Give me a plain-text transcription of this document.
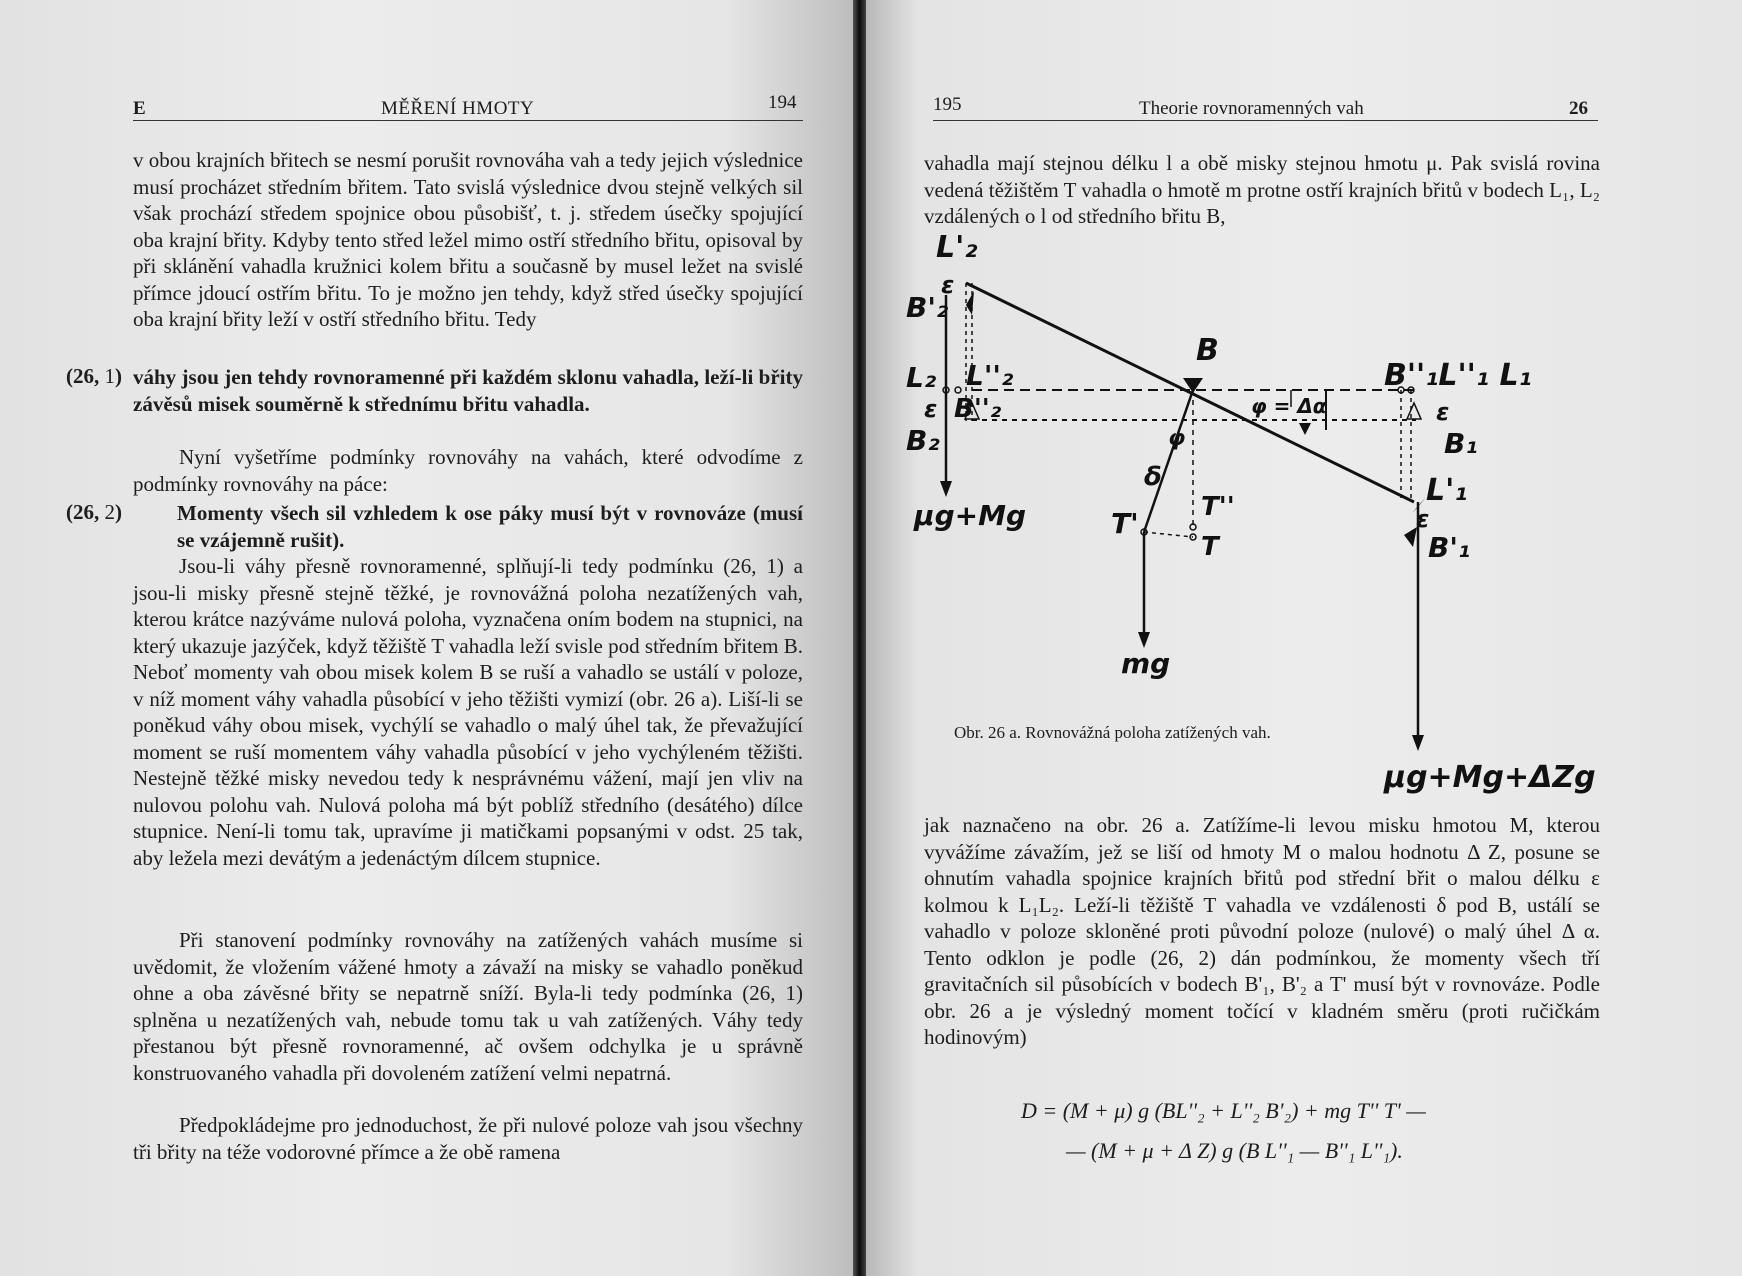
E	MĚŘENÍ HMOTY	194

v obou krajních břitech se nesmí porušit rovnováha vah a tedy jejich výslednice musí procházet středním břitem. Tato svislá výslednice dvou stejně velkých sil však prochází středem spojnice obou působišť, t. j. středem úsečky spojující oba krajní břity. Kdyby tento střed ležel mimo ostří středního břitu, opisoval by při sklánění vahadla kružnici kolem břitu a současně by musel ležet na svislé přímce jdoucí ostřím břitu. To je možno jen tehdy, když střed úsečky spojující oba krajní břity leží v ostří středního břitu. Tedy

(26, 1) váhy jsou jen tehdy rovnoramenné při každém sklonu vahadla, leží-li břity závěsů misek souměrně k střednímu břitu vahadla.

Nyní vyšetříme podmínky rovnováhy na vahách, které odvodíme z podmínky rovnováhy na páce:

(26, 2)	Momenty všech sil vzhledem k ose páky musí být v rovnováze (musí se vzájemně rušit).

Jsou-li váhy přesně rovnoramenné, splňují-li tedy podmínku (26, 1) a jsou-li misky přesně stejně těžké, je rovnovážná poloha nezatížených vah, kterou krátce nazýváme nulová poloha, vyznačena oním bodem na stupnici, na který ukazuje jazýček, když těžiště T vahadla leží svisle pod středním břitem B. Neboť momenty vah obou misek kolem B se ruší a vahadlo se ustálí v poloze, v níž moment váhy vahadla působící v jeho těžišti vymizí (obr. 26 a). Liší-li se poněkud váhy obou misek, vychýlí se vahadlo o malý úhel tak, že převažující moment se ruší momentem váhy vahadla působící v jeho vychýleném těžišti. Nestejně těžké misky nevedou tedy k nesprávnému vážení, mají jen vliv na nulovou polohu vah. Nulová poloha má být poblíž středního (desátého) dílce stupnice. Není-li tomu tak, upravíme ji matičkami popsanými v odst. 25 tak, aby ležela mezi devátým a jedenáctým dílcem stupnice.

Při stanovení podmínky rovnováhy na zatížených vahách musíme si uvědomit, že vložením vážené hmoty a závaží na misky se vahadlo poněkud ohne a oba závěsné břity se nepatrně sníží. Byla-li tedy podmínka (26, 1) splněna u nezatížených vah, nebude tomu tak u vah zatížených. Váhy tedy přestanou být přesně rovnoramenné, ač ovšem odchylka je u správně konstruovaného vahadla při dovoleném zatížení velmi nepatrná.

Předpokládejme pro jednoduchost, že při nulové poloze vah jsou všechny tři břity na téže vodorovné přímce a že obě ramena

195	Theorie rovnoramenných vah	26

vahadla mají stejnou délku l a obě misky stejnou hmotu μ. Pak svislá rovina vedená těžištěm T vahadla o hmotě m protne ostří krajních břitů v bodech L₁, L₂ vzdálených o l od středního břitu B,

L'₂
ε
B'₂
L₂ L''₂
ε B''₂
B₂
B
φ = Δα
φ
δ
T' T''
T
mg
μg+Mg
B''₁L''₁ L₁
ε
B₁
L'₁
ε
B'₁
μg+Mg+ΔZg
Obr. 26 a. Rovnovážná poloha zatížených vah.

jak naznačeno na obr. 26 a. Zatížíme-li levou misku hmotou M, kterou vyvážíme závažím, jež se liší od hmoty M o malou hodnotu Δ Z, posune se ohnutím vahadla spojnice krajních břitů pod střední břit o malou délku ε kolmou k L₁L₂. Leží-li těžiště T vahadla ve vzdálenosti δ pod B, ustálí se vahadlo v poloze skloněné proti původní poloze (nulové) o malý úhel Δ α. Tento odklon je podle (26, 2) dán podmínkou, že momenty všech tří gravitačních sil působících v bodech B'₁, B'₂ a T' musí být v rovnováze. Podle obr. 26 a je výsledný moment točící v kladném směru (proti ručičkám hodinovým)

D = (M + μ) g (BL''₂ + L''₂ B'₂) + mg T'' T' —
— (M + μ + Δ Z) g (B L''₁ — B''₁ L''₁).
